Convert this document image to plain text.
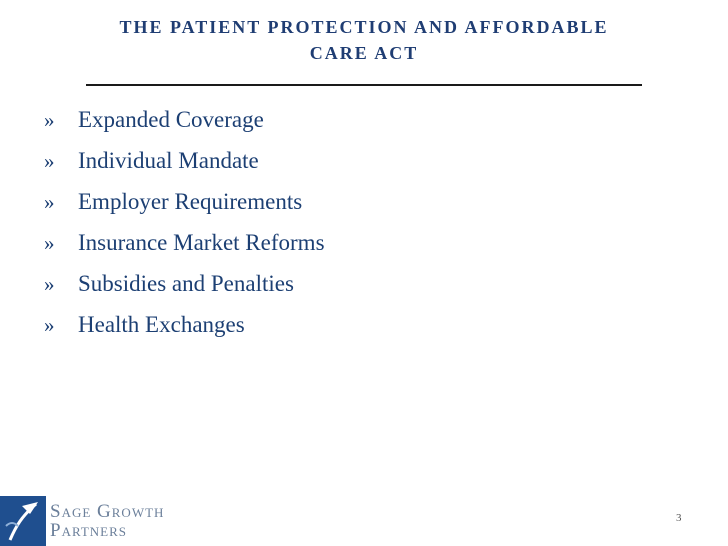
THE PATIENT PROTECTION AND AFFORDABLE
CARE ACT
» Expanded Coverage
» Individual Mandate
» Employer Requirements
» Insurance Market Reforms
» Subsidies and Penalties
» Health Exchanges
Sage Growth
Partners
3
